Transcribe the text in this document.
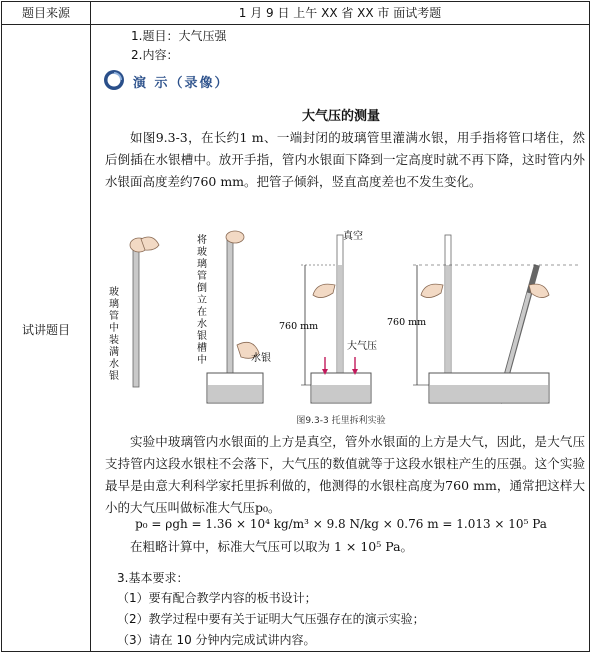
题目来源	1 月 9 日 上午 XX 省 XX 市 面试考题
试讲题目
1.题目：大气压强
2.内容：
演 示（录像）
大气压的测量
如图9.3-3，在长约1 m、一端封闭的玻璃管里灌满水银，用手指将管口堵住，然后倒插在水银槽中。放开手指，管内水银面下降到一定高度时就不再下降，这时管内外水银面高度差约760 mm。把管子倾斜，竖直高度差也不发生变化。
玻璃管中装满水银
将玻璃管倒立在水银槽中	水银
真空
760 mm
大气压
760 mm
图9.3-3 托里拆利实验
实验中玻璃管内水银面的上方是真空，管外水银面的上方是大气，因此，是大气压支持管内这段水银柱不会落下，大气压的数值就等于这段水银柱产生的压强。这个实验最早是由意大利科学家托里拆利做的，他测得的水银柱高度为760 mm，通常把这样大小的大气压叫做标准大气压p₀。
p₀ = ρgh = 1.36 × 10⁴ kg/m³ × 9.8 N/kg × 0.76 m = 1.013 × 10⁵ Pa
在粗略计算中，标准大气压可以取为 1 × 10⁵ Pa。
3.基本要求：
（1）要有配合教学内容的板书设计；
（2）教学过程中要有关于证明大气压强存在的演示实验；
（3）请在 10 分钟内完成试讲内容。
